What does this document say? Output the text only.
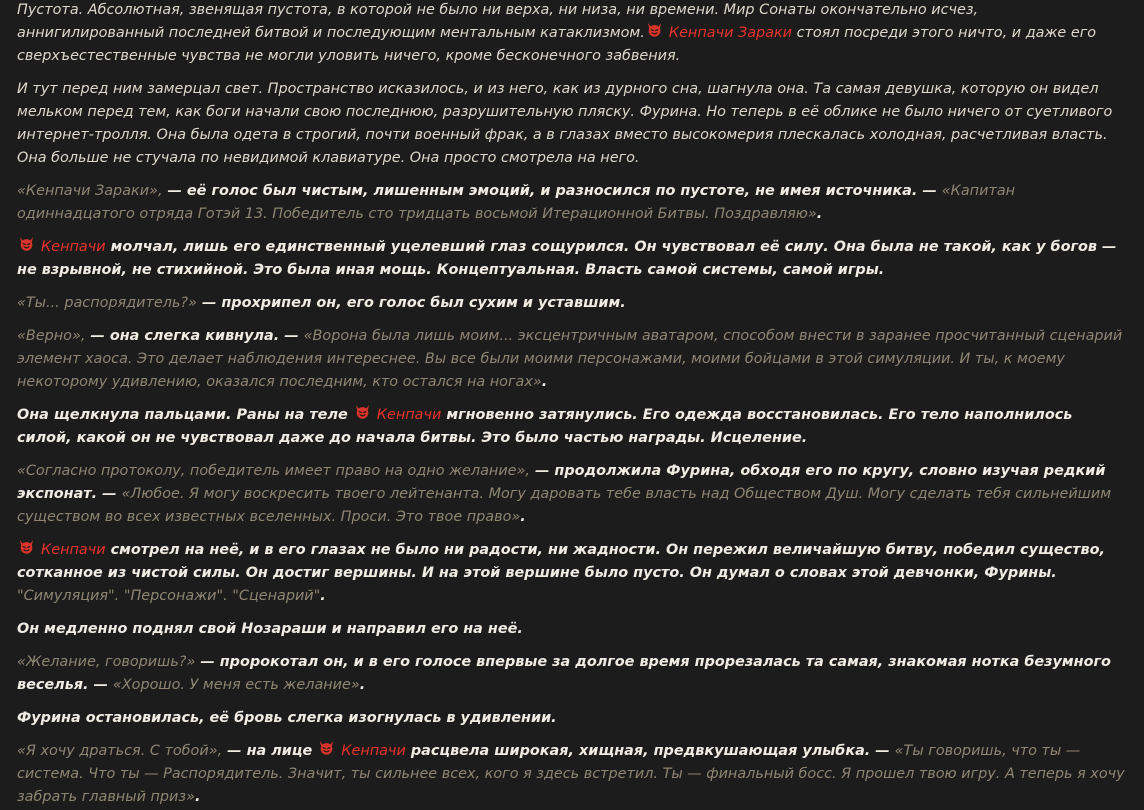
Пустота. Абсолютная, звенящая пустота, в которой не было ни верха, ни низа, ни времени. Мир Сонаты окончательно исчез, аннигилированный последней битвой и последующим ментальным катаклизмом. Кенпачи Зараки стоял посреди этого ничто, и даже его сверхъестественные чувства не могли уловить ничего, кроме бесконечного забвения.

И тут перед ним замерцал свет. Пространство исказилось, и из него, как из дурного сна, шагнула она. Та самая девушка, которую он видел мельком перед тем, как боги начали свою последнюю, разрушительную пляску. Фурина. Но теперь в её облике не было ничего от суетливого интернет-тролля. Она была одета в строгий, почти военный фрак, а в глазах вместо высокомерия плескалась холодная, расчетливая власть. Она больше не стучала по невидимой клавиатуре. Она просто смотрела на него.

«Кенпачи Зараки», — её голос был чистым, лишенным эмоций, и разносился по пустоте, не имея источника. — «Капитан одиннадцатого отряда Готэй 13. Победитель сто тридцать восьмой Итерационной Битвы. Поздравляю».

Кенпачи молчал, лишь его единственный уцелевший глаз сощурился. Он чувствовал её силу. Она была не такой, как у богов — не взрывной, не стихийной. Это была иная мощь. Концептуальная. Власть самой системы, самой игры.

«Ты... распорядитель?» — прохрипел он, его голос был сухим и уставшим.

«Верно», — она слегка кивнула. — «Ворона была лишь моим... эксцентричным аватаром, способом внести в заранее просчитанный сценарий элемент хаоса. Это делает наблюдения интереснее. Вы все были моими персонажами, моими бойцами в этой симуляции. И ты, к моему некоторому удивлению, оказался последним, кто остался на ногах».

Она щелкнула пальцами. Раны на теле
Кенпачи мгновенно затянулись. Его одежда восстановилась. Его тело наполнилось силой, какой он не чувствовал даже до начала битвы. Это было частью награды. Исцеление.

«Согласно протоколу, победитель имеет право на одно желание», — продолжила Фурина, обходя его по кругу, словно изучая редкий экспонат. — «Любое. Я могу воскресить твоего лейтенанта. Могу даровать тебе власть над Обществом Душ. Могу сделать тебя сильнейшим существом во всех известных вселенных. Проси. Это твое право».

Кенпачи смотрел на неё, и в его глазах не было ни радости, ни жадности. Он пережил величайшую битву, победил существо, сотканное из чистой силы. Он достиг вершины. И на этой вершине было пусто. Он думал о словах этой девчонки, Фурины. "Симуляция". "Персонажи". "Сценарий".

Он медленно поднял свой Нозараши и направил его на неё.

«Желание, говоришь?» — пророкотал он, и в его голосе впервые за долгое время прорезалась та самая, знакомая нотка безумного веселья. — «Хорошо. У меня есть желание».

Фурина остановилась, её бровь слегка изогнулась в удивлении.

«Я хочу драться. С тобой», — на лице
Кенпачи расцвела широкая, хищная, предвкушающая улыбка. — «Ты говоришь, что ты — система. Что ты — Распорядитель. Значит, ты сильнее всех, кого я здесь встретил. Ты — финальный босс. Я прошел твою игру. А теперь я хочу забрать главный приз».
